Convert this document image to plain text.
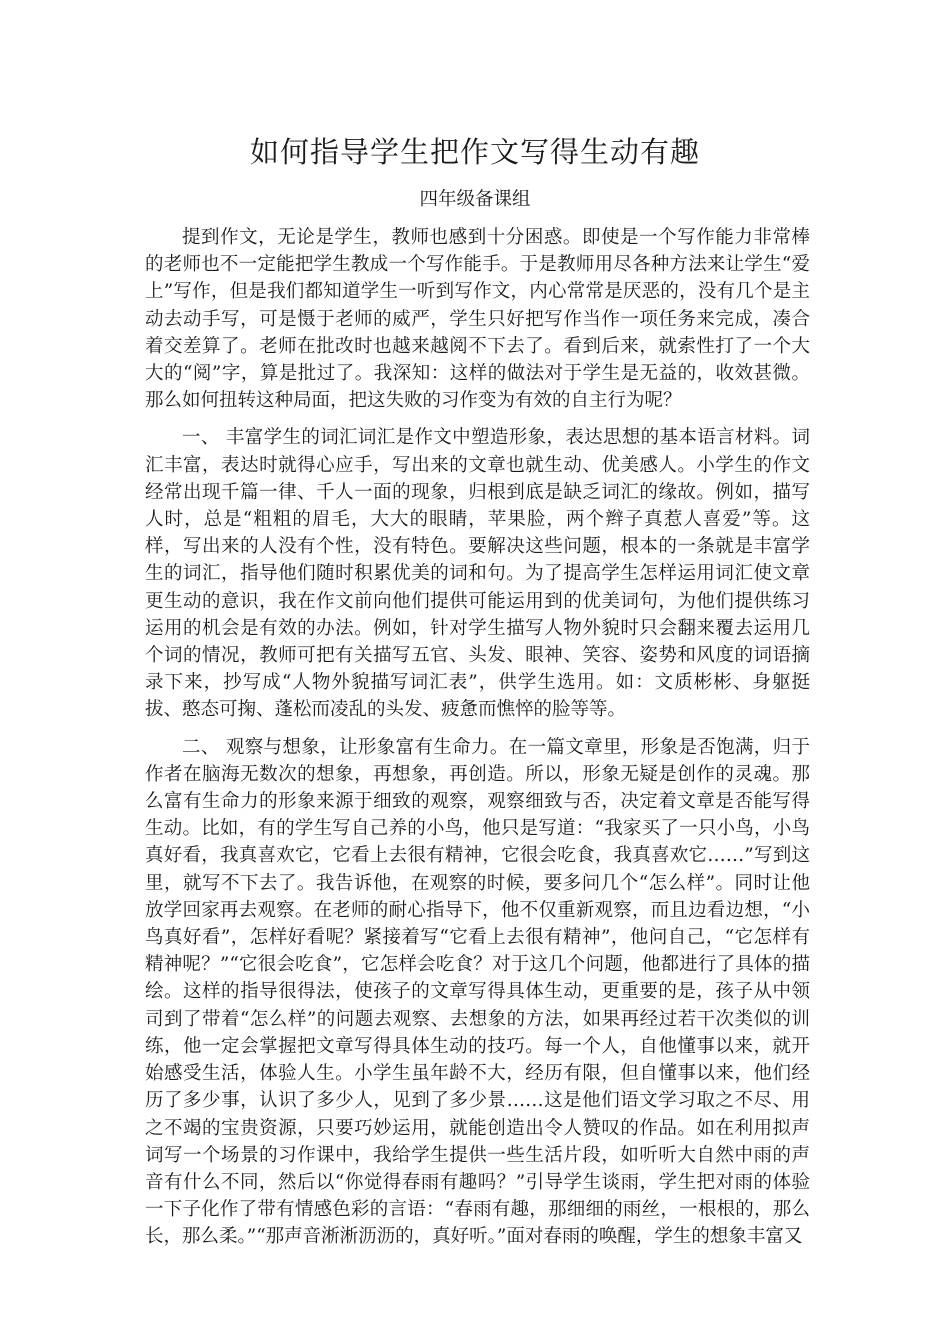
如何指导学生把作文写得生动有趣
四年级备课组

提到作文，无论是学生，教师也感到十分困惑。即使是一个写作能力非常棒的老师也不一定能把学生教成一个写作能手。于是教师用尽各种方法来让学生“爱上”写作，但是我们都知道学生一听到写作文，内心常常是厌恶的，没有几个是主动去动手写，可是慑于老师的威严，学生只好把写作当作一项任务来完成，凑合着交差算了。老师在批改时也越来越阅不下去了。看到后来，就索性打了一个大大的“阅”字，算是批过了。我深知：这样的做法对于学生是无益的，收效甚微。那么如何扭转这种局面，把这失败的习作变为有效的自主行为呢？

一、 丰富学生的词汇词汇是作文中塑造形象，表达思想的基本语言材料。词汇丰富，表达时就得心应手，写出来的文章也就生动、优美感人。小学生的作文经常出现千篇一律、千人一面的现象，归根到底是缺乏词汇的缘故。例如，描写人时，总是“粗粗的眉毛，大大的眼睛，苹果脸，两个辫子真惹人喜爱”等。这样，写出来的人没有个性，没有特色。要解决这些问题，根本的一条就是丰富学生的词汇，指导他们随时积累优美的词和句。为了提高学生怎样运用词汇使文章更生动的意识，我在作文前向他们提供可能运用到的优美词句，为他们提供练习运用的机会是有效的办法。例如，针对学生描写人物外貌时只会翻来覆去运用几个词的情况，教师可把有关描写五官、头发、眼神、笑容、姿势和风度的词语摘录下来，抄写成“人物外貌描写词汇表”，供学生选用。如：文质彬彬、身躯挺拔、憨态可掬、蓬松而凌乱的头发、疲惫而憔悴的脸等等。

二、 观察与想象，让形象富有生命力。在一篇文章里，形象是否饱满，归于作者在脑海无数次的想象，再想象，再创造。所以，形象无疑是创作的灵魂。那么富有生命力的形象来源于细致的观察，观察细致与否，决定着文章是否能写得生动。比如，有的学生写自己养的小鸟，他只是写道：“我家买了一只小鸟，小鸟真好看，我真喜欢它，它看上去很有精神，它很会吃食，我真喜欢它……”写到这里，就写不下去了。我告诉他，在观察的时候，要多问几个“怎么样”。同时让他放学回家再去观察。在老师的耐心指导下，他不仅重新观察，而且边看边想，“小鸟真好看”，怎样好看呢？紧接着写“它看上去很有精神”，他问自己，“它怎样有精神呢？”“它很会吃食”，它怎样会吃食？对于这几个问题，他都进行了具体的描绘。这样的指导很得法，使孩子的文章写得具体生动，更重要的是，孩子从中领司到了带着“怎么样”的问题去观察、去想象的方法，如果再经过若干次类似的训练，他一定会掌握把文章写得具体生动的技巧。每一个人，自他懂事以来，就开始感受生活，体验人生。小学生虽年龄不大，经历有限，但自懂事以来，他们经历了多少事，认识了多少人，见到了多少景……这是他们语文学习取之不尽、用之不竭的宝贵资源，只要巧妙运用，就能创造出令人赞叹的作品。如在利用拟声词写一个场景的习作课中，我给学生提供一些生活片段，如听听大自然中雨的声音有什么不同，然后以“你觉得春雨有趣吗？”引导学生谈雨，学生把对雨的体验一下子化作了带有情感色彩的言语：“春雨有趣，那细细的雨丝，一根根的，那么长，那么柔。”“那声音淅淅沥沥的，真好听。”面对春雨的唤醒，学生的想象丰富又
